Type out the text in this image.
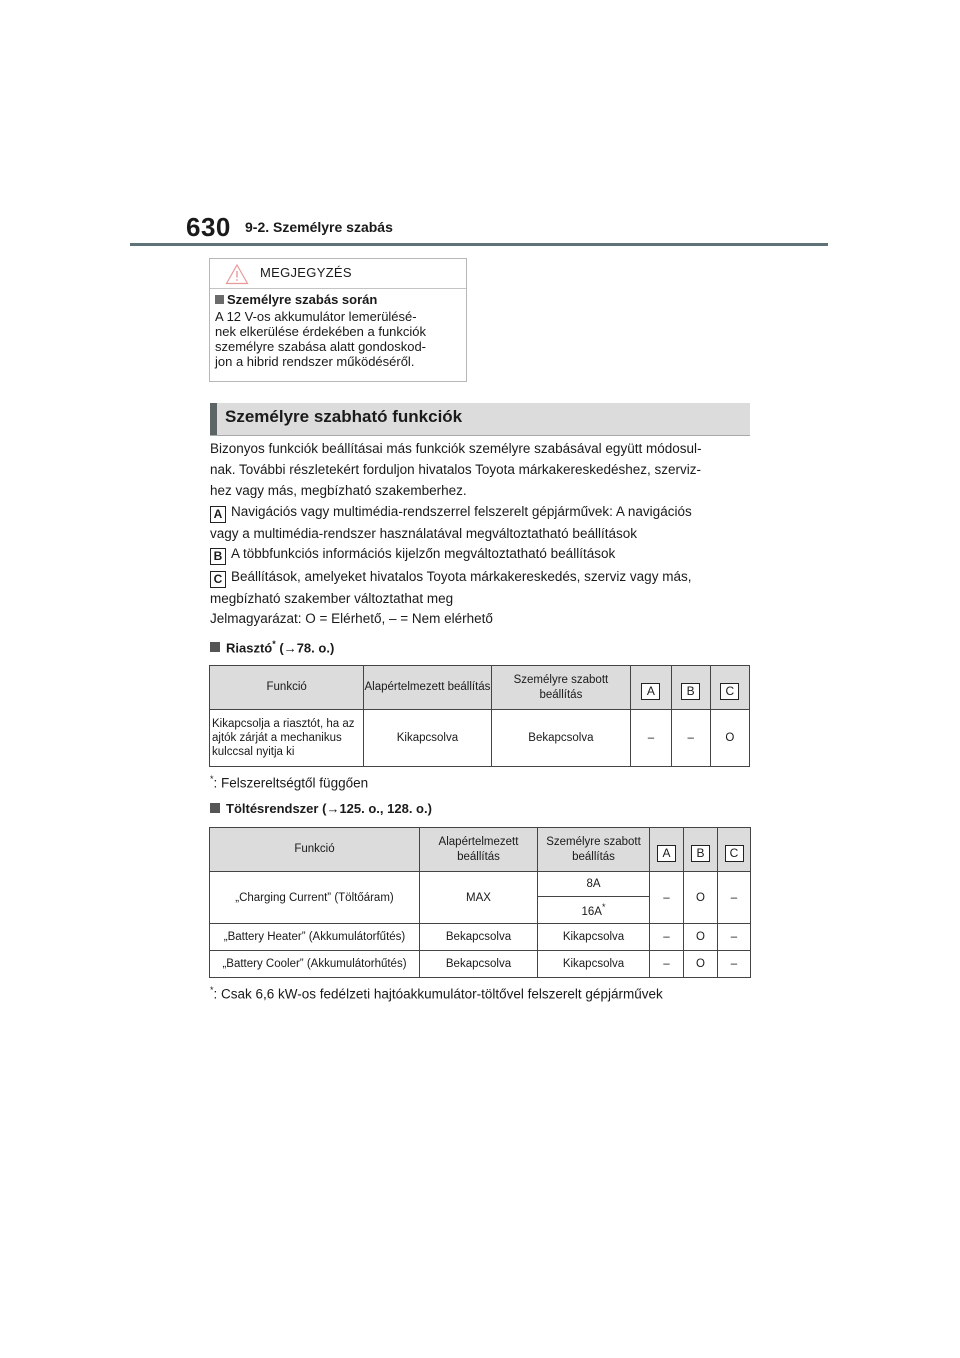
630 9-2. Személyre szabás
MEGJEGYZÉS
Személyre szabás során
A 12 V-os akkumulátor lemerülésé-
nek elkerülése érdekében a funkciók
személyre szabása alatt gondoskod-
jon a hibrid rendszer működéséről.
Személyre szabható funkciók
Bizonyos funkciók beállításai más funkciók személyre szabásával együtt módosul-
nak. További részletekért forduljon hivatalos Toyota márkakereskedéshez, szerviz-
hez vagy más, megbízható szakemberhez.
A Navigációs vagy multimédia-rendszerrel felszerelt gépjárművek: A navigációs
vagy a multimédia-rendszer használatával megváltoztatható beállítások
B A többfunkciós információs kijelzőn megváltoztatható beállítások
C Beállítások, amelyeket hivatalos Toyota márkakereskedés, szerviz vagy más,
megbízható szakember változtathat meg
Jelmagyarázat: O = Elérhető, – = Nem elérhető
Riasztó* (→78. o.)
Funkció	Alapértelmezett beállítás	Személyre szabott beállítás	A	B	C
Kikapcsolja a riasztót, ha az ajtók zárját a mechanikus kulccsal nyitja ki	Kikapcsolva	Bekapcsolva	–	–	O
*: Felszereltségtől függően
Töltésrendszer (→125. o., 128. o.)
Funkció	Alapértelmezett beállítás	Személyre szabott beállítás	A	B	C
„Charging Current” (Töltőáram)	MAX	8A	–	O	–
		16A*
„Battery Heater” (Akkumulátorfűtés)	Bekapcsolva	Kikapcsolva	–	O	–
„Battery Cooler” (Akkumulátorhűtés)	Bekapcsolva	Kikapcsolva	–	O	–
*: Csak 6,6 kW-os fedélzeti hajtóakkumulátor-töltővel felszerelt gépjárművek
